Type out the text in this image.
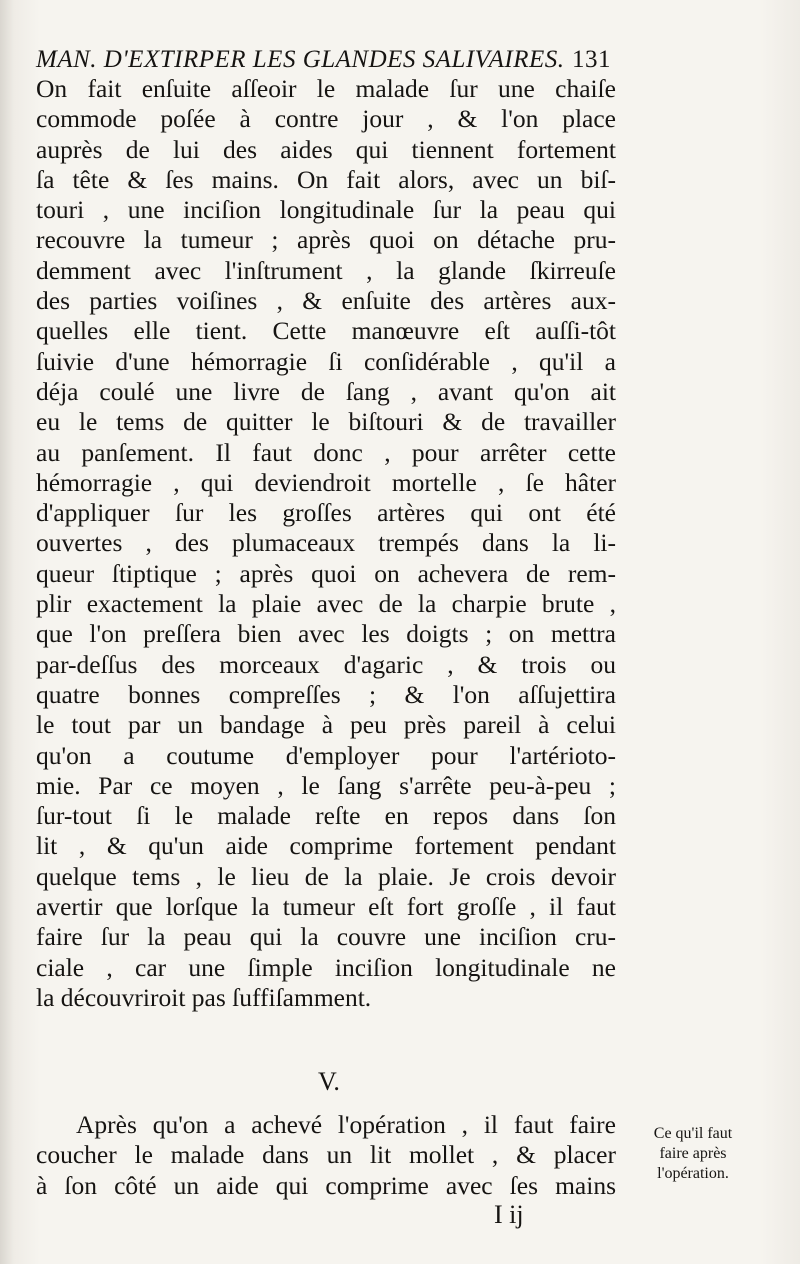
MAN. D'EXTIRPER LES GLANDES SALIVAIRES. 131
On fait enſuite aſſeoir le malade ſur une chaiſe
commode poſée à contre jour , & l'on place
auprès de lui des aides qui tiennent fortement
ſa tête & ſes mains. On fait alors, avec un biſ-
touri , une inciſion longitudinale ſur la peau qui
recouvre la tumeur ; après quoi on détache pru-
demment avec l'inſtrument , la glande ſkirreuſe
des parties voiſines , & enſuite des artères aux-
quelles elle tient. Cette manœuvre eſt auſſi-tôt
ſuivie d'une hémorragie ſi conſidérable , qu'il a
déja coulé une livre de ſang , avant qu'on ait
eu le tems de quitter le biſtouri & de travailler
au panſement. Il faut donc , pour arrêter cette
hémorragie , qui deviendroit mortelle , ſe hâter
d'appliquer ſur les groſſes artères qui ont été
ouvertes , des plumaceaux trempés dans la li-
queur ſtiptique ; après quoi on achevera de rem-
plir exactement la plaie avec de la charpie brute ,
que l'on preſſera bien avec les doigts ; on mettra
par-deſſus des morceaux d'agaric , & trois ou
quatre bonnes compreſſes ; & l'on aſſujettira
le tout par un bandage à peu près pareil à celui
qu'on a coutume d'employer pour l'artérioto-
mie. Par ce moyen , le ſang s'arrête peu-à-peu ;
ſur-tout ſi le malade reſte en repos dans ſon
lit , & qu'un aide comprime fortement pendant
quelque tems , le lieu de la plaie. Je crois devoir
avertir que lorſque la tumeur eſt fort groſſe , il faut
faire ſur la peau qui la couvre une inciſion cru-
ciale , car une ſimple inciſion longitudinale ne
la découvriroit pas ſuffiſamment.
V.
Après qu'on a achevé l'opération , il faut faire
coucher le malade dans un lit mollet , & placer
à ſon côté un aide qui comprime avec ſes mains
Ce qu'il faut
faire après
l'opération.
I ij
